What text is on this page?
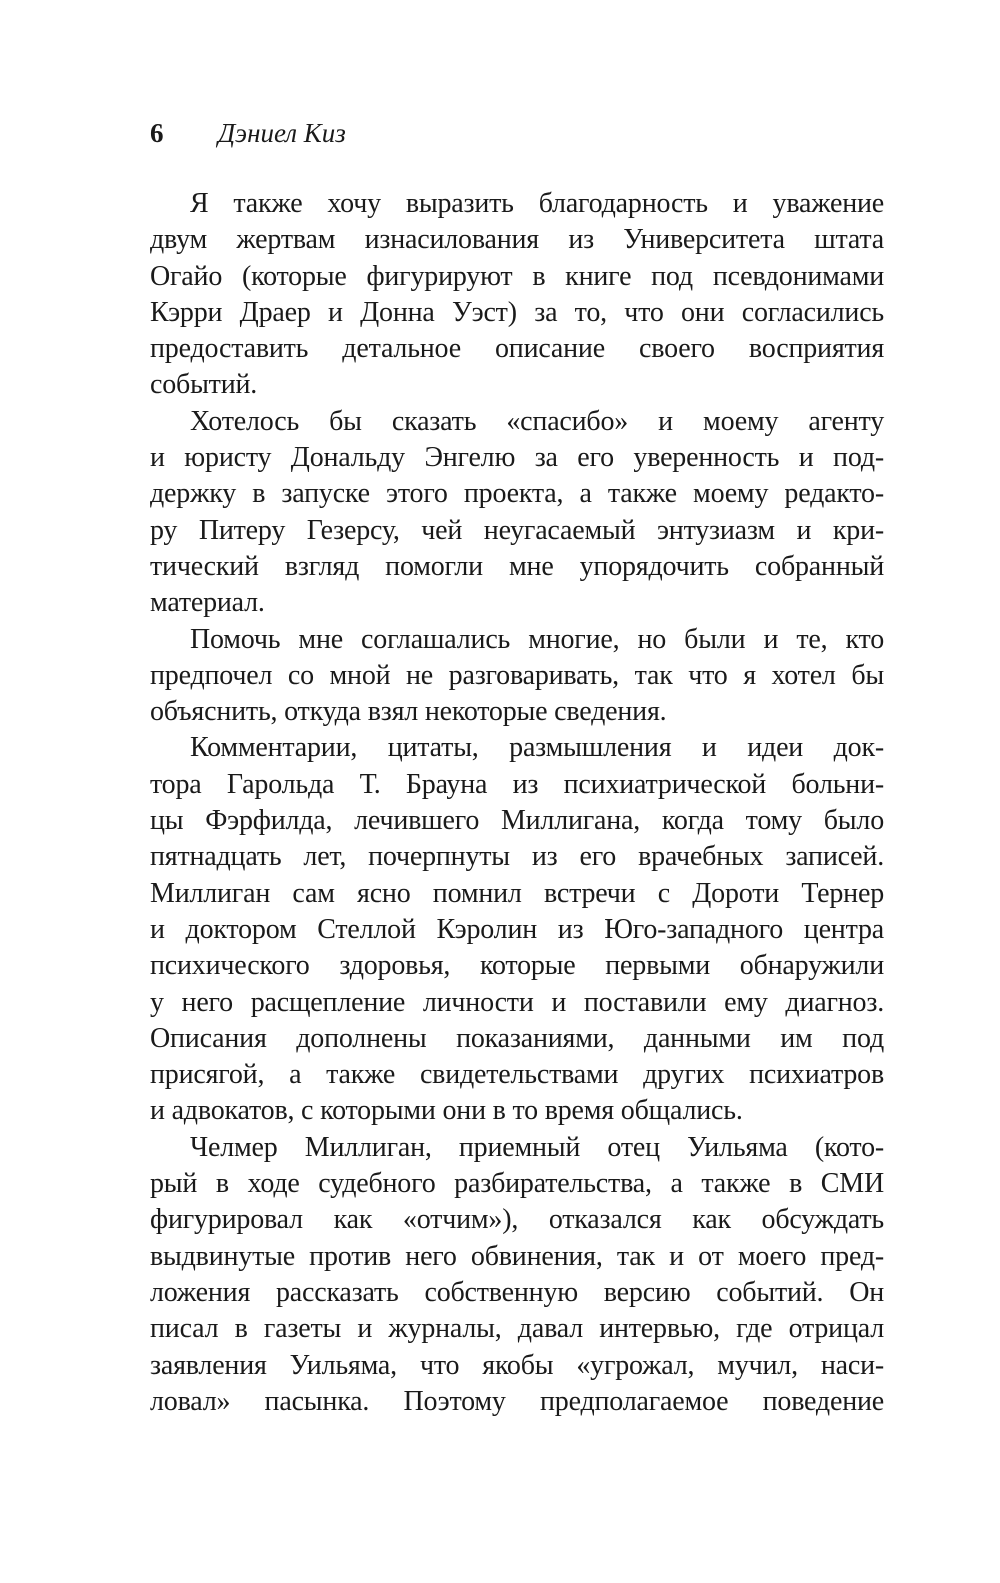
6 Дэниел Киз
Я также хочу выразить благодарность и уважение
двум жертвам изнасилования из Университета штата
Огайо (которые фигурируют в книге под псевдонимами
Кэрри Драер и Донна Уэст) за то, что они согласились
предоставить детальное описание своего восприятия
событий.
Хотелось бы сказать «спасибо» и моему агенту
и юристу Дональду Энгелю за его уверенность и под-
держку в запуске этого проекта, а также моему редакто-
ру Питеру Гезерсу, чей неугасаемый энтузиазм и кри-
тический взгляд помогли мне упорядочить собранный
материал.
Помочь мне соглашались многие, но были и те, кто
предпочел со мной не разговаривать, так что я хотел бы
объяснить, откуда взял некоторые сведения.
Комментарии, цитаты, размышления и идеи док-
тора Гарольда Т. Брауна из психиатрической больни-
цы Фэрфилда, лечившего Миллигана, когда тому было
пятнадцать лет, почерпнуты из его врачебных записей.
Миллиган сам ясно помнил встречи с Дороти Тернер
и доктором Стеллой Кэролин из Юго-западного центра
психического здоровья, которые первыми обнаружили
у него расщепление личности и поставили ему диагноз.
Описания дополнены показаниями, данными им под
присягой, а также свидетельствами других психиатров
и адвокатов, с которыми они в то время общались.
Челмер Миллиган, приемный отец Уильяма (кото-
рый в ходе судебного разбирательства, а также в СМИ
фигурировал как «отчим»), отказался как обсуждать
выдвинутые против него обвинения, так и от моего пред-
ложения рассказать собственную версию событий. Он
писал в газеты и журналы, давал интервью, где отрицал
заявления Уильяма, что якобы «угрожал, мучил, наси-
ловал» пасынка. Поэтому предполагаемое поведение
